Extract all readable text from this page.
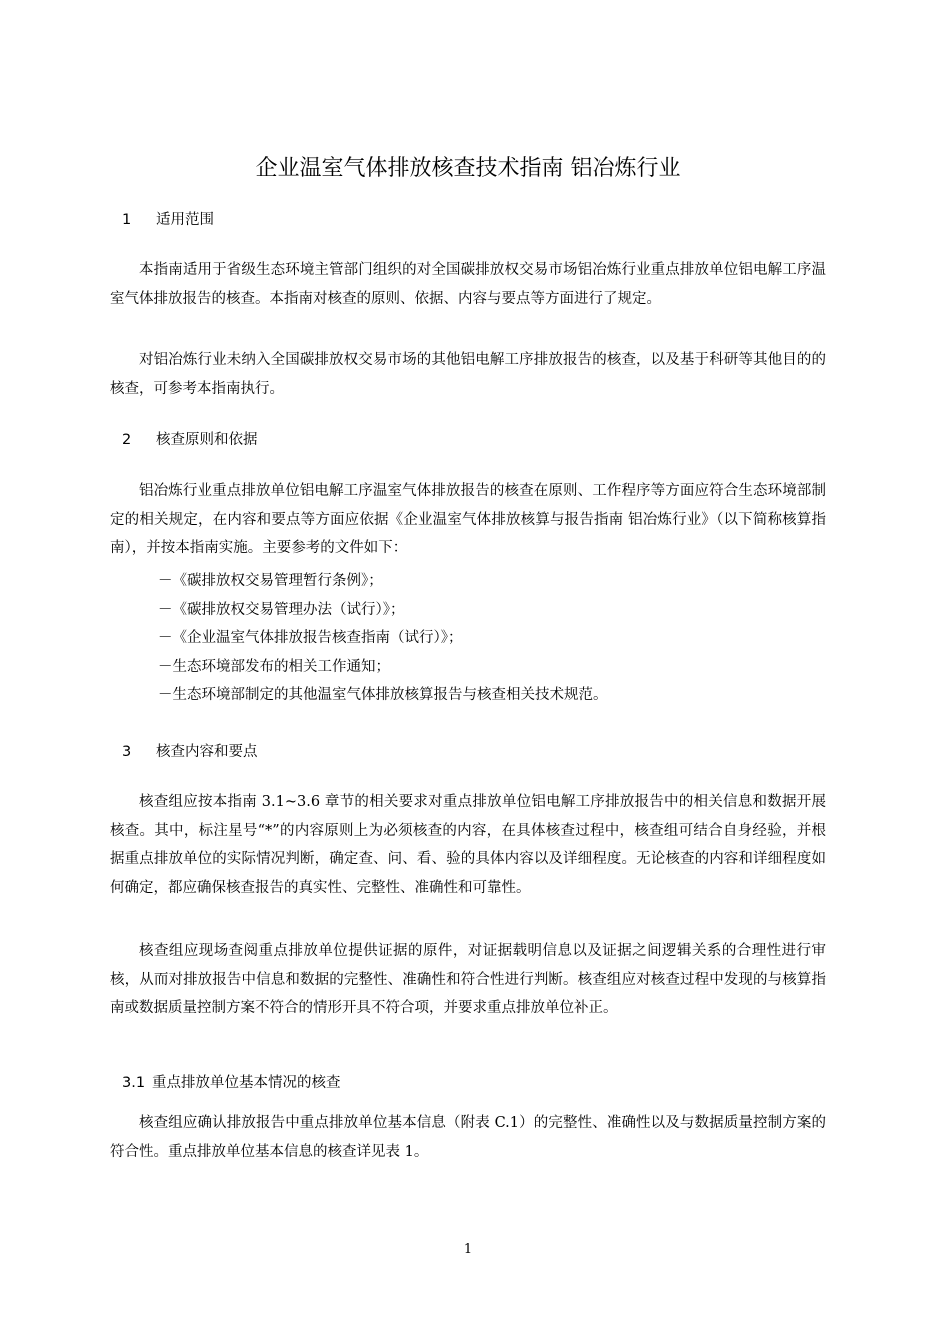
企业温室气体排放核查技术指南 铝冶炼行业
1 适用范围

本指南适用于省级生态环境主管部门组织的对全国碳排放权交易市场铝冶炼行业重点排放单位铝电解工序温室气体排放报告的核查。本指南对核查的原则、依据、内容与要点等方面进行了规定。

对铝冶炼行业未纳入全国碳排放权交易市场的其他铝电解工序排放报告的核查，以及基于科研等其他目的的核查，可参考本指南执行。

2 核查原则和依据

铝冶炼行业重点排放单位铝电解工序温室气体排放报告的核查在原则、工作程序等方面应符合生态环境部制定的相关规定，在内容和要点等方面应依据《企业温室气体排放核算与报告指南 铝冶炼行业》（以下简称核算指南），并按本指南实施。主要参考的文件如下：

－《碳排放权交易管理暂行条例》；
－《碳排放权交易管理办法（试行）》；
－《企业温室气体排放报告核查指南（试行）》；
－生态环境部发布的相关工作通知；
－生态环境部制定的其他温室气体排放核算报告与核查相关技术规范。
3 核查内容和要点

核查组应按本指南 3.1~3.6 章节的相关要求对重点排放单位铝电解工序排放报告中的相关信息和数据开展核查。其中，标注星号“*”的内容原则上为必须核查的内容，在具体核查过程中，核查组可结合自身经验，并根据重点排放单位的实际情况判断，确定查、问、看、验的具体内容以及详细程度。无论核查的内容和详细程度如何确定，都应确保核查报告的真实性、完整性、准确性和可靠性。

核查组应现场查阅重点排放单位提供证据的原件，对证据载明信息以及证据之间逻辑关系的合理性进行审核，从而对排放报告中信息和数据的完整性、准确性和符合性进行判断。核查组应对核查过程中发现的与核算指南或数据质量控制方案不符合的情形开具不符合项，并要求重点排放单位补正。

3.1 重点排放单位基本情况的核查

核查组应确认排放报告中重点排放单位基本信息（附表 C.1）的完整性、准确性以及与数据质量控制方案的符合性。重点排放单位基本信息的核查详见表 1。

1
